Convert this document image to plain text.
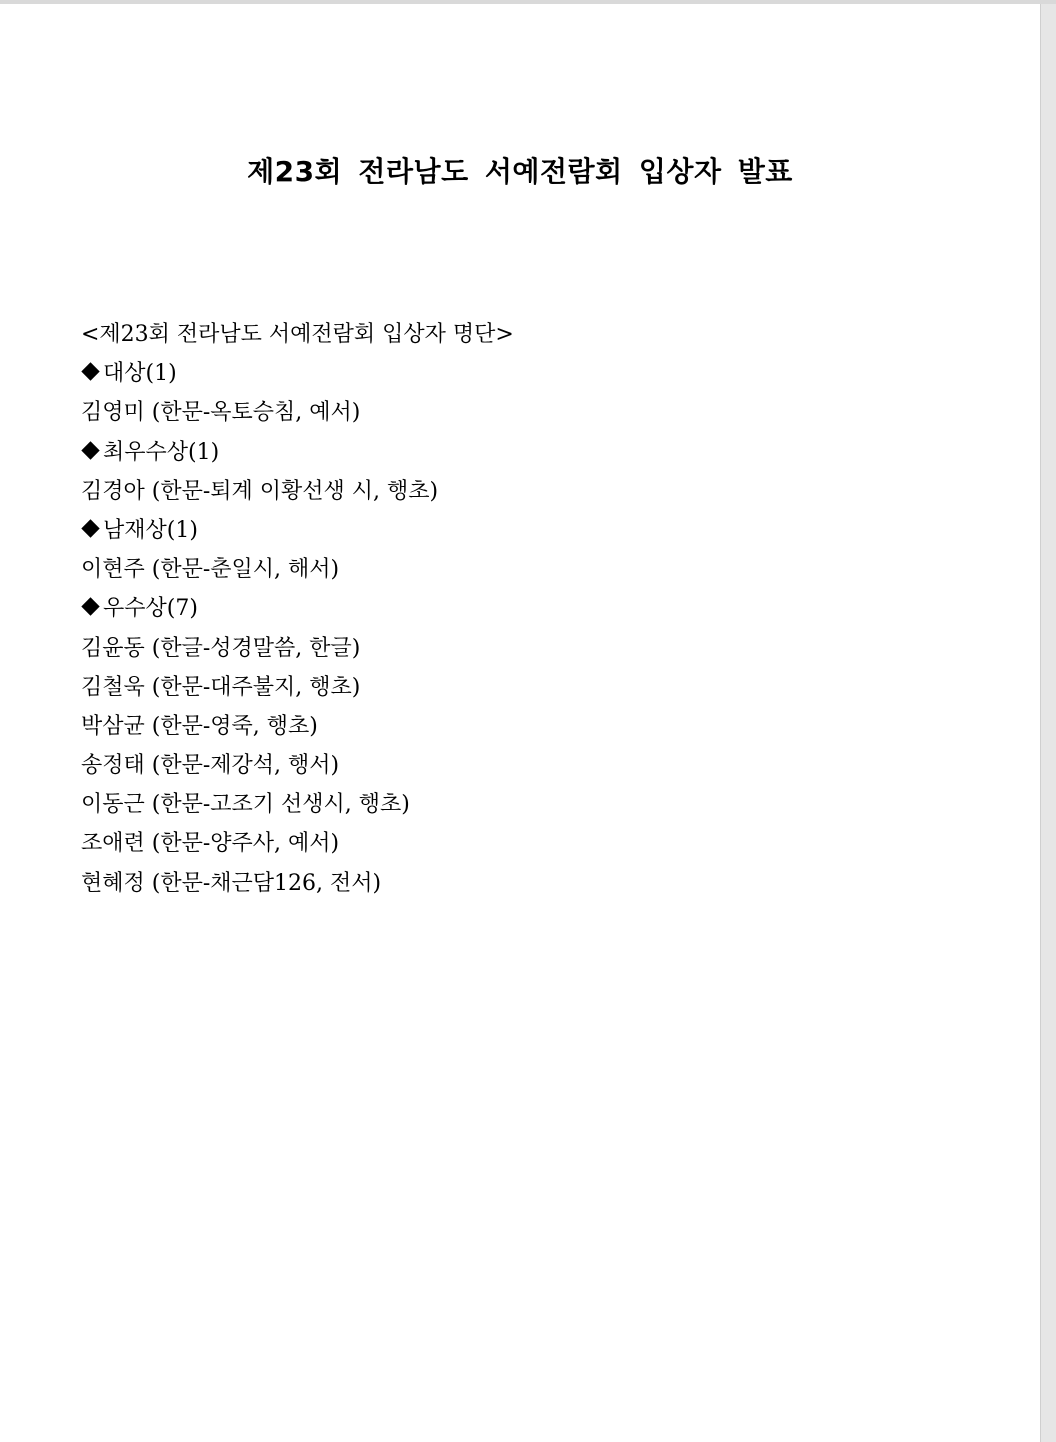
제23회 전라남도 서예전람회 입상자 발표
<제23회 전라남도 서예전람회 입상자 명단>
대상(1)
김영미 (한문-옥토승침, 예서)
최우수상(1)
김경아 (한문-퇴계 이황선생 시, 행초)
남재상(1)
이현주 (한문-춘일시, 해서)
우수상(7)
김윤동 (한글-성경말씀, 한글)
김철욱 (한문-대주불지, 행초)
박삼균 (한문-영죽, 행초)
송정태 (한문-제강석, 행서)
이동근 (한문-고조기 선생시, 행초)
조애련 (한문-양주사, 예서)
현혜정 (한문-채근담126, 전서)
